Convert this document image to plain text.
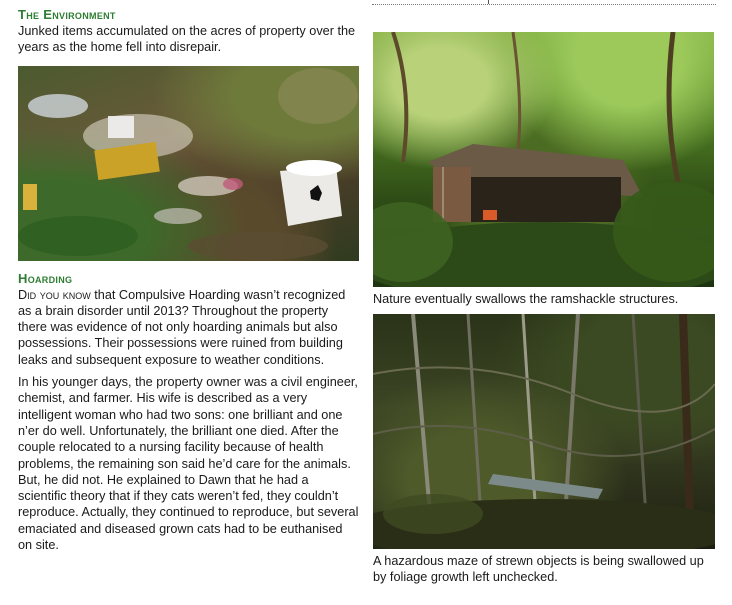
The Environment

Junked items accumulated on the acres of property over the years as the home fell into disrepair.

Hoarding

Did you know that Compulsive Hoarding wasn’t recognized as a brain disorder until 2013? Throughout the property there was evidence of not only hoarding animals but also possessions. Their possessions were ruined from building leaks and subsequent exposure to weather conditions.

In his younger days, the property owner was a civil engineer, chemist, and farmer. His wife is described as a very intelligent woman who had two sons: one brilliant and one n’er do well. Unfortunately, the brilliant one died. After the couple relocated to a nursing facility because of health problems, the remaining son said he’d care for the animals. But, he did not. He explained to Dawn that he had a scientific theory that if they cats weren’t fed, they couldn’t reproduce. Actually, they continued to reproduce, but several emaciated and diseased grown cats had to be euthanised on site.

Nature eventually swallows the ramshackle structures.

A hazardous maze of strewn objects is being swallowed up by foliage growth left unchecked.
